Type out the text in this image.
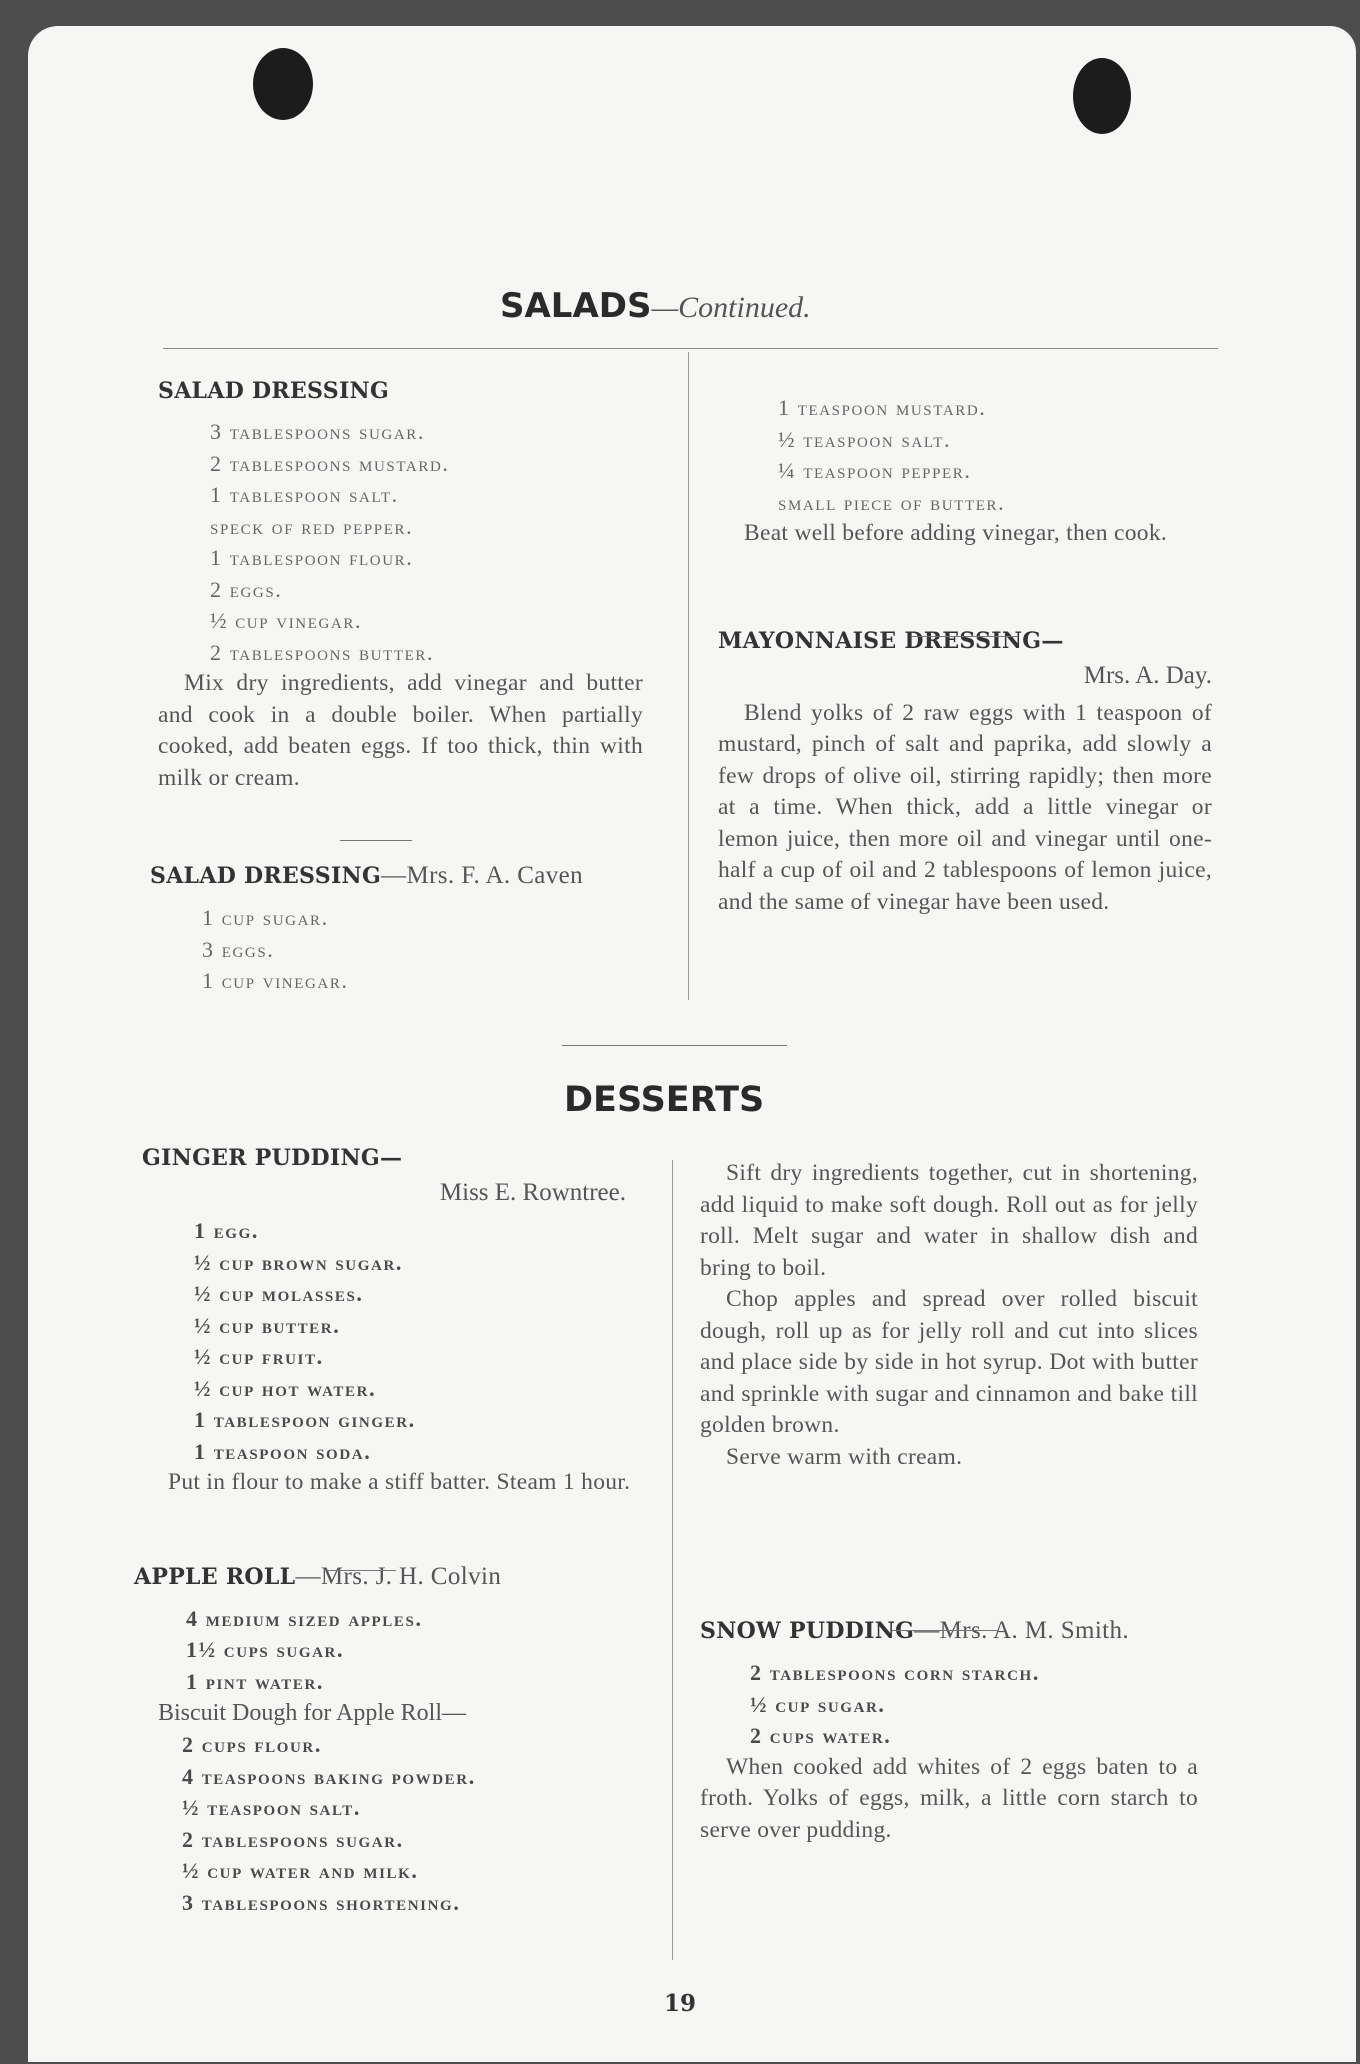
SALADS—Continued.
SALAD DRESSING
3 tablespoons sugar.
2 tablespoons mustard.
1 tablespoon salt.
speck of red pepper.
1 tablespoon flour.
2 eggs.
½ cup vinegar.
2 tablespoons butter.

Mix dry ingredients, add vinegar and butter and cook in a double boiler. When partially cooked, add beaten eggs. If too thick, thin with milk or cream.

SALAD DRESSING—Mrs. F. A. Caven
1 cup sugar.
3 eggs.
1 cup vinegar.
1 teaspoon mustard.
½ teaspoon salt.
¼ teaspoon pepper.
small piece of butter.

Beat well before adding vinegar, then cook.

MAYONNAISE DRESSING—
Mrs. A. Day.

Blend yolks of 2 raw eggs with 1 teaspoon of mustard, pinch of salt and paprika, add slowly a few drops of olive oil, stirring rapidly; then more at a time. When thick, add a little vinegar or lemon juice, then more oil and vinegar until one-half a cup of oil and 2 tablespoons of lemon juice, and the same of vinegar have been used.

DESSERTS
GINGER PUDDING—
Miss E. Rowntree.
1 egg.
½ cup brown sugar.
½ cup molasses.
½ cup butter.
½ cup fruit.
½ cup hot water.
1 tablespoon ginger.
1 teaspoon soda.

Put in flour to make a stiff batter. Steam 1 hour.

APPLE ROLL—Mrs. J. H. Colvin
4 medium sized apples.
1½ cups sugar.
1 pint water.
Biscuit Dough for Apple Roll—
2 cups flour.
4 teaspoons baking powder.
½ teaspoon salt.
2 tablespoons sugar.
½ cup water and milk.
3 tablespoons shortening.

Sift dry ingredients together, cut in shortening, add liquid to make soft dough. Roll out as for jelly roll. Melt sugar and water in shallow dish and bring to boil.

Chop apples and spread over rolled biscuit dough, roll up as for jelly roll and cut into slices and place side by side in hot syrup. Dot with butter and sprinkle with sugar and cinnamon and bake till golden brown.

Serve warm with cream.

SNOW PUDDING—Mrs. A. M. Smith.
2 tablespoons corn starch.
½ cup sugar.
2 cups water.

When cooked add whites of 2 eggs baten to a froth. Yolks of eggs, milk, a little corn starch to serve over pudding.

19
